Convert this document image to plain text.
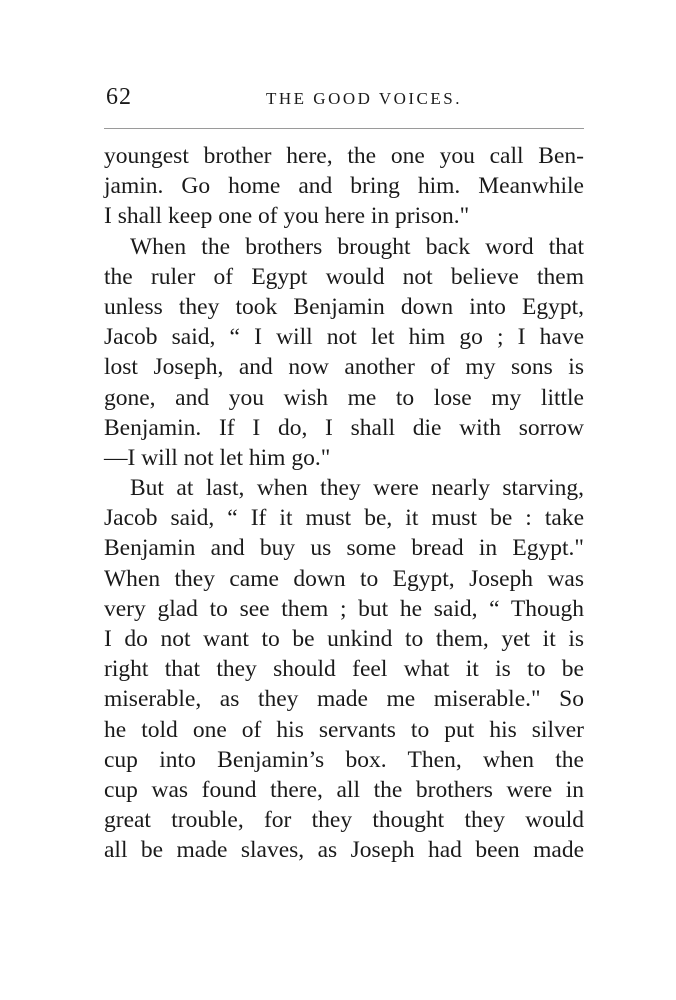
62	THE GOOD VOICES.
youngest brother here, the one you call Ben-
jamin. Go home and bring him. Meanwhile
I shall keep one of you here in prison."
When the brothers brought back word that
the ruler of Egypt would not believe them
unless they took Benjamin down into Egypt,
Jacob said, “ I will not let him go ; I have
lost Joseph, and now another of my sons is
gone, and you wish me to lose my little
Benjamin. If I do, I shall die with sorrow
—I will not let him go."
But at last, when they were nearly starving,
Jacob said, “ If it must be, it must be : take
Benjamin and buy us some bread in Egypt."
When they came down to Egypt, Joseph was
very glad to see them ; but he said, “ Though
I do not want to be unkind to them, yet it is
right that they should feel what it is to be
miserable, as they made me miserable." So
he told one of his servants to put his silver
cup into Benjamin’s box. Then, when the
cup was found there, all the brothers were in
great trouble, for they thought they would
all be made slaves, as Joseph had been made
